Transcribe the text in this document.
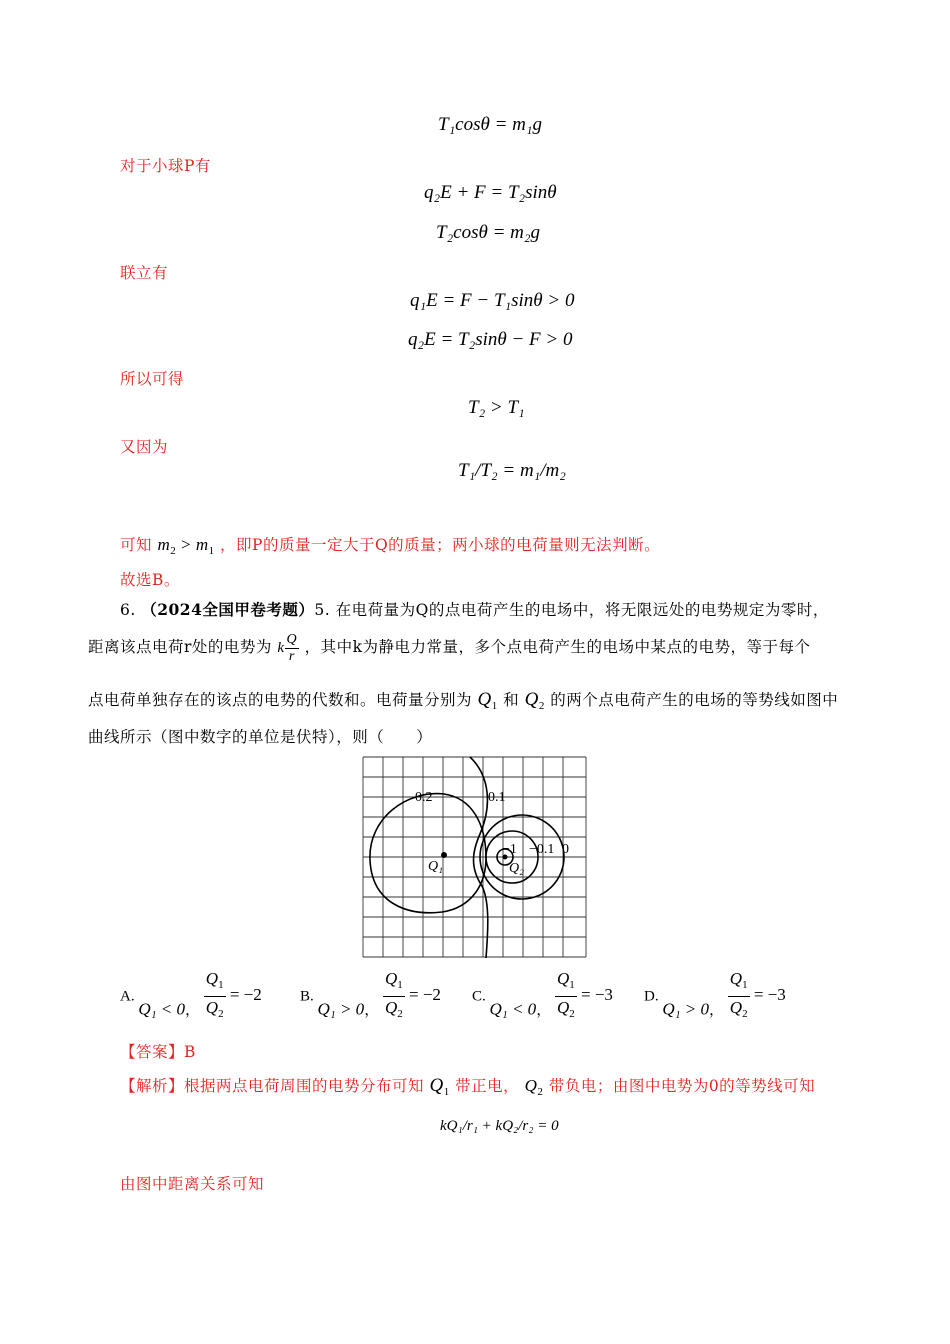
T₁cosθ = m₁g
对于小球P有
q₂E + F = T₂sinθ
T₂cosθ = m₂g
联立有
q₁E = F − T₁sinθ > 0
q₂E = T₂sinθ − F > 0
所以可得
T₂ > T₁
又因为
T₁/T₂ = m₁/m₂
可知 $m_2 > m_1$ ，即P的质量一定大于Q的质量；两小球的电荷量则无法判断。
故选B。
6. （2024全国甲卷考题）5. 在电荷量为Q的点电荷产生的电场中，将无限远处的电势规定为零时，
距离该点电荷r处的电势为 k $\frac{Q}{r}$ ，其中k为静电力常量，多个点电荷产生的电场中某点的电势，等于每个
点电荷单独存在的该点的电势的代数和。电荷量分别为 $Q_1$ 和 $Q_2$ 的两个点电荷产生的电场的等势线如图中
曲线所示（图中数字的单位是伏特），则（　　）
0.2	0.1
−1 −0.1 0
Q₁	Q₂
A. Q₁ < 0， $\frac{Q_1}{Q_2} = -2$	B. Q₁ > 0， $\frac{Q_1}{Q_2} = -2$ C. Q₁ < 0， $\frac{Q_1}{Q_2} = -3$ D. Q₁ > 0， $\frac{Q_1}{Q_2} = -3$
【答案】B
【解析】根据两点电荷周围的电势分布可知 $Q_1$ 带正电， $Q_2$ 带负电；由图中电势为0的等势线可知
kQ₁/r₁ + kQ₂/r₂ = 0
由图中距离关系可知
